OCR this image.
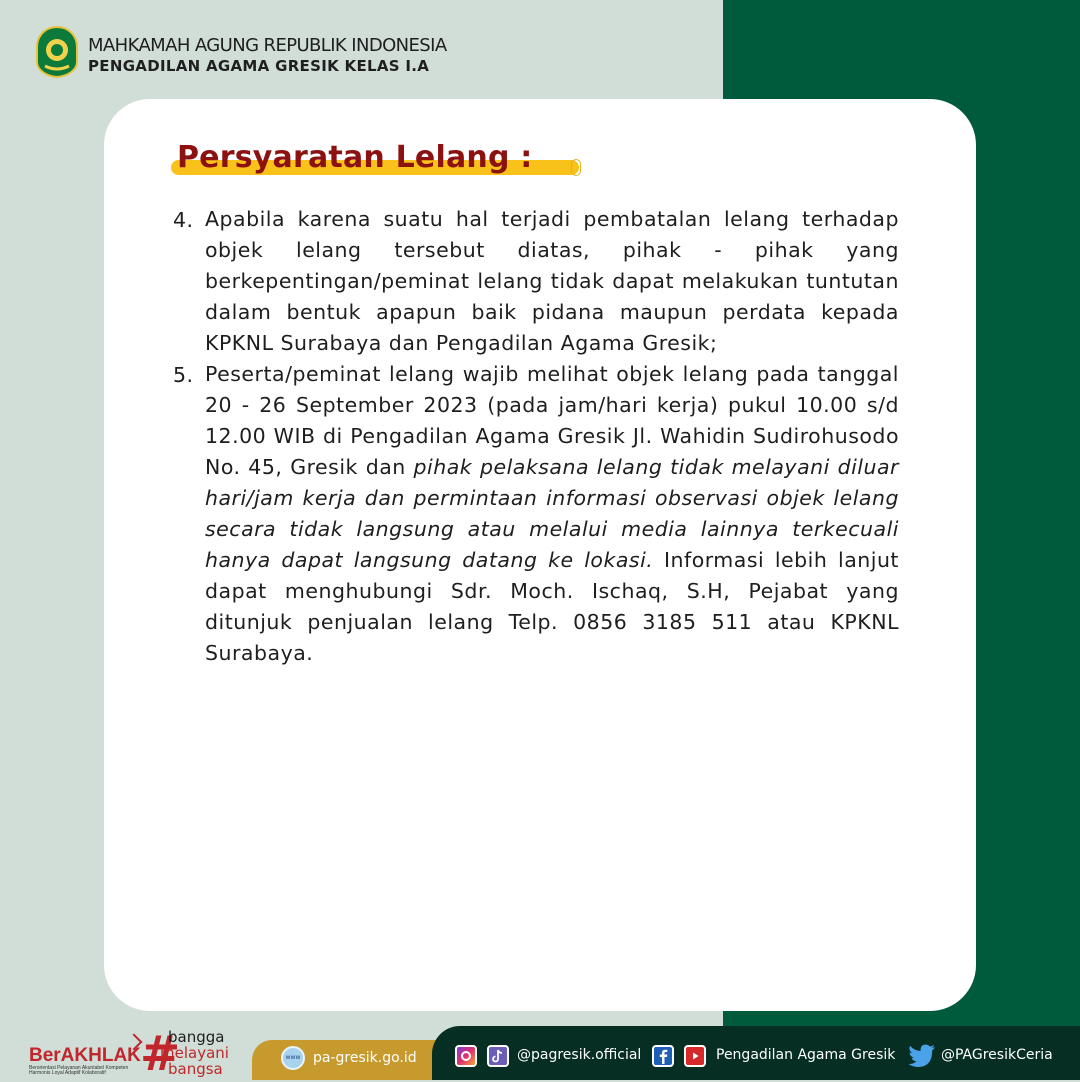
MAHKAMAH AGUNG REPUBLIK INDONESIA
PENGADILAN AGAMA GRESIK KELAS I.A
Persyaratan Lelang :
4. Apabila karena suatu hal terjadi pembatalan lelang terhadap objek lelang tersebut diatas, pihak - pihak yang berkepentingan/peminat lelang tidak dapat melakukan tuntutan dalam bentuk apapun baik pidana maupun perdata kepada KPKNL Surabaya dan Pengadilan Agama Gresik;
5. Peserta/peminat lelang wajib melihat objek lelang pada tanggal 20 - 26 September 2023 (pada jam/hari kerja) pukul 10.00 s/d 12.00 WIB di Pengadilan Agama Gresik Jl. Wahidin Sudirohusodo No. 45, Gresik dan pihak pelaksana lelang tidak melayani diluar hari/jam kerja dan permintaan informasi observasi objek lelang secara tidak langsung atau melalui media lainnya terkecuali hanya dapat langsung datang ke lokasi. Informasi lebih lanjut dapat menghubungi Sdr. Moch. Ischaq, S.H, Pejabat yang ditunjuk penjualan lelang Telp. 0856 3185 511 atau KPKNL Surabaya.
BerAKHLAK
Berorientasi Pelayanan Akuntabel Kompeten Harmonis Loyal Adaptif Kolaboratif #
bangga
melayani
bangsa
www pa-gresik.go.id	@pagresik.official	Pengadilan Agama Gresik	@PAGresikCeria
